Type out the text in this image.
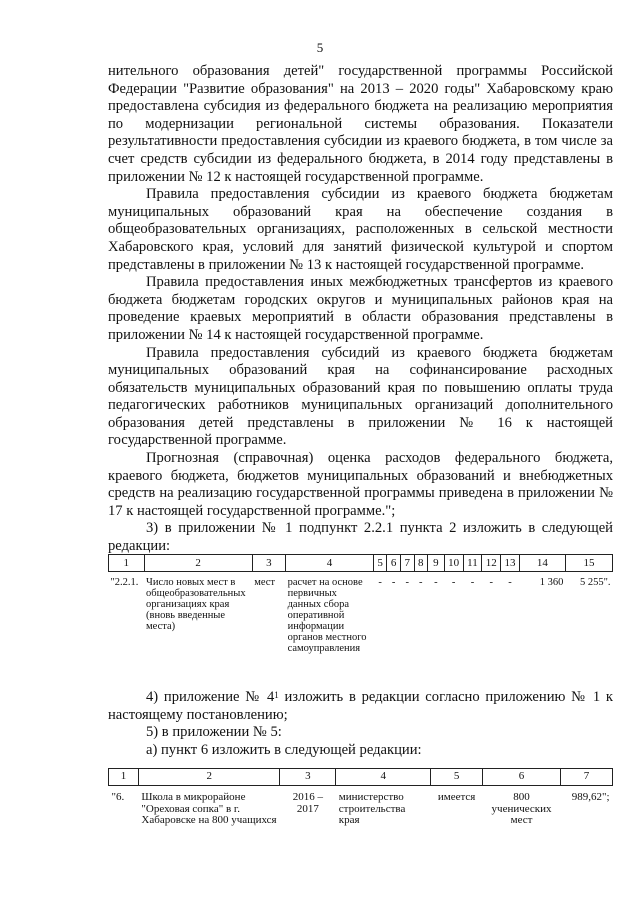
5

нительного образования детей" государственной программы Российской Федерации "Развитие образования" на 2013 – 2020 годы" Хабаровскому краю предоставлена субсидия из федерального бюджета на реализацию мероприятия по модернизации региональной системы образования. Показатели результативности предоставления субсидии из краевого бюджета, в том числе за счет средств субсидии из федерального бюджета, в 2014 году представлены в приложении № 12 к настоящей государственной программе.

Правила предоставления субсидии из краевого бюджета бюджетам муниципальных образований края на обеспечение создания в общеобразовательных организациях, расположенных в сельской местности Хабаровского края, условий для занятий физической культурой и спортом представлены в приложении № 13 к настоящей государственной программе.

Правила предоставления иных межбюджетных трансфертов из краевого бюджета бюджетам городских округов и муниципальных районов края на проведение краевых мероприятий в области образования представлены в приложении № 14 к настоящей государственной программе.

Правила предоставления субсидий из краевого бюджета бюджетам муниципальных образований края на софинансирование расходных обязательств муниципальных образований края по повышению оплаты труда педагогических работников муниципальных организаций дополнительного образования детей представлены в приложении № 16 к настоящей государственной программе.

Прогнозная (справочная) оценка расходов федерального бюджета, краевого бюджета, бюджетов муниципальных образований и внебюджетных средств на реализацию государственной программы приведена в приложении № 17 к настоящей государственной программе.";

3) в приложении № 1 подпункт 2.2.1 пункта 2 изложить в следующей редакции:

1	2	3	4	5	6	7	8	9	10	11	12	13	14	15
"2.2.1.	Число новых мест в общеобразовательных организациях края (вновь введенные места)	мест	расчет на основе первичных данных сбора оперативной информации органов местного самоуправления	-	-	-	-	-	-	-	-	-	1 360	5 255".

4) приложение № $4^1$ изложить в редакции согласно приложению № 1 к настоящему постановлению;

5) в приложении № 5:

а) пункт 6 изложить в следующей редакции:

1	2	3	4	5	6	7
"6.	Школа в микрорайоне "Ореховая сопка" в г. Хабаровске на 800 учащихся	2016 – 2017	министерство строительства края	имеется	800 ученических мест	989,62";
